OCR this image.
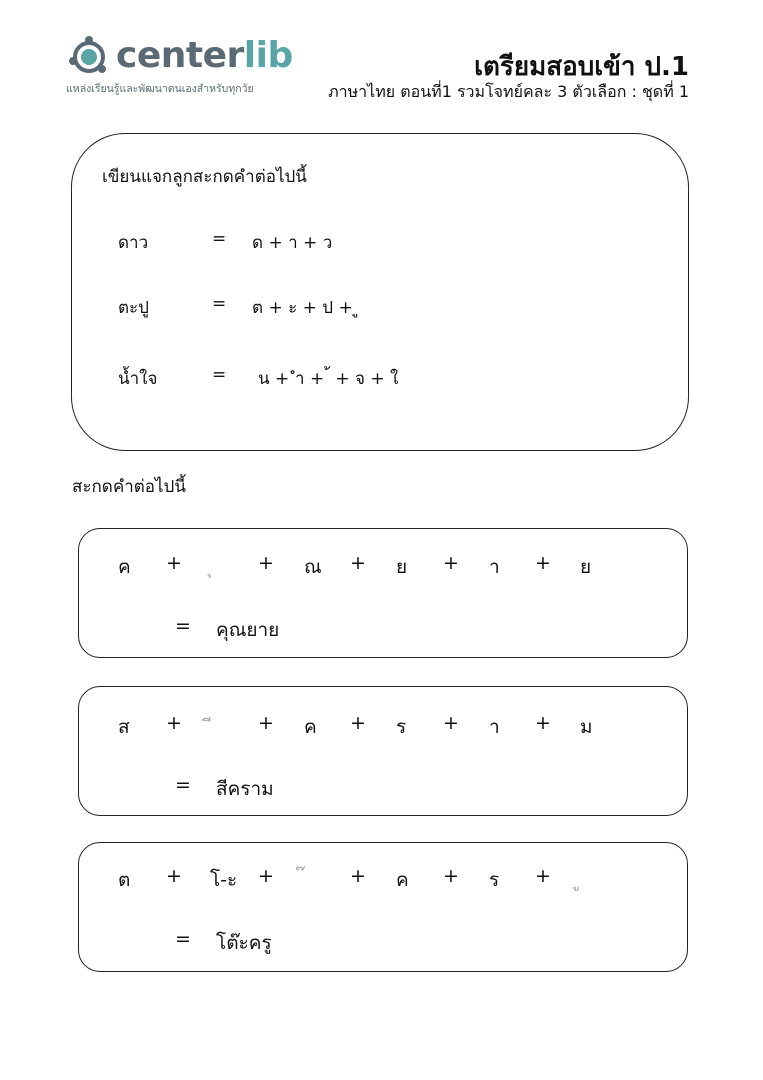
centerlib
แหล่งเรียนรู้และพัฒนาตนเองสำหรับทุกวัย
เตรียมสอบเข้า ป.1
ภาษาไทย ตอนที่1 รวมโจทย์คละ 3 ตัวเลือก : ชุดที่ 1
เขียนแจกลูกสะกดคำต่อไปนี้
ดาว	= ด + า + ว
ตะปู	= ต + ะ + ป + ู
น้ำใจ	= น + ำ + ้ + จ + ใ
สะกดคำต่อไปนี้
ค +	+ ณ + ย + า + ย
= คุณยาย
ส +	+ ค + ร + า + ม
= สีคราม
ต + โ-ะ +	+ ค + ร +
= โต๊ะครู
